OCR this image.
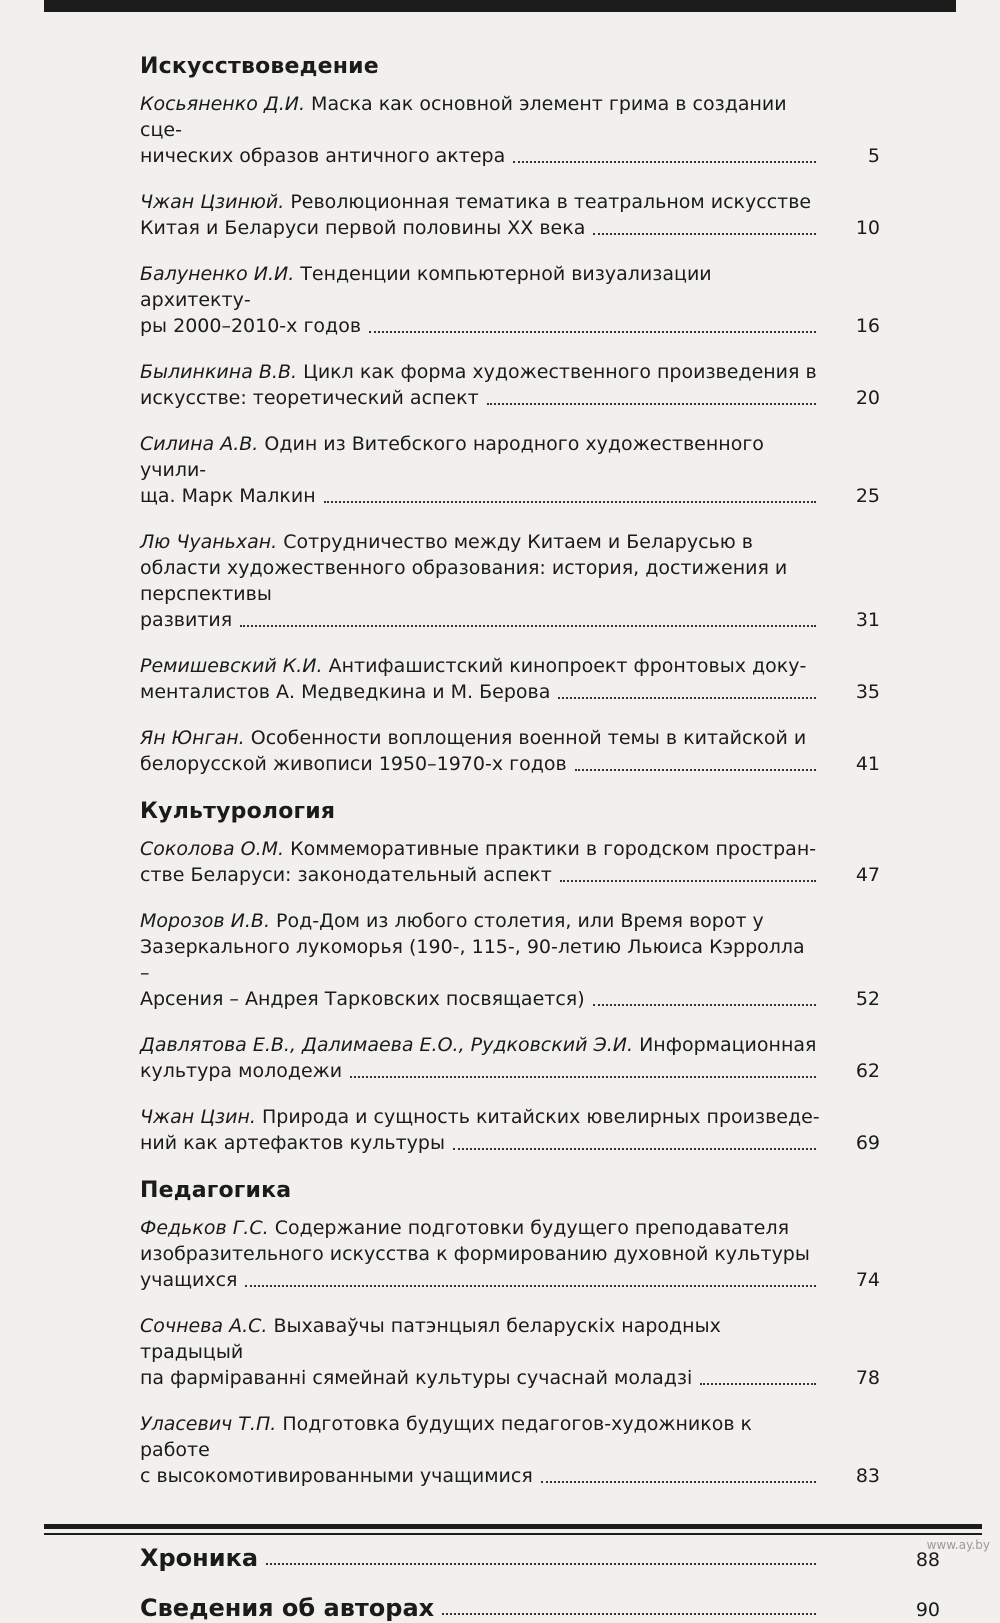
Искусствоведение
Косьяненко Д.И. Маска как основной элемент грима в создании сце-
нических образов античного актера	5
Чжан Цзинюй. Революционная тематика в театральном искусстве
Китая и Беларуси первой половины XX века	10
Балуненко И.И. Тенденции компьютерной визуализации архитекту-
ры 2000–2010-х годов	16
Былинкина В.В. Цикл как форма художественного произведения в
искусстве: теоретический аспект	20
Силина А.В. Один из Витебского народного художественного учили-
ща. Марк Малкин	25
Лю Чуаньхан. Сотрудничество между Китаем и Беларусью в области художественного образования: история, достижения и перспективы
развития	31
Ремишевский К.И. Антифашистский кинопроект фронтовых доку-
менталистов А. Медведкина и М. Берова	35
Ян Юнган. Особенности воплощения военной темы в китайской и
белорусской живописи 1950–1970-х годов	41
Культурология
Соколова О.М. Коммеморативные практики в городском простран-
стве Беларуси: законодательный аспект	47
Морозов И.В. Род-Дом из любого столетия, или Время ворот у Зазеркального лукоморья (190-, 115-, 90-летию Льюиса Кэрролла –
Арсения – Андрея Тарковских посвящается)	52
Давлятова Е.В., Далимаева Е.О., Рудковский Э.И. Информационная
культура молодежи	62
Чжан Цзин. Природа и сущность китайских ювелирных произведе-
ний как артефактов культуры	69
Педагогика
Федьков Г.С. Содержание подготовки будущего преподавателя изобразительного искусства к формированию духовной культуры
учащихся	74
Сочнева А.С. Выхаваўчы патэнцыял беларускіх народных традыцый
па фарміраванні сямейнай культуры сучаснай моладзі	78
Уласевич Т.П. Подготовка будущих педагогов-художников к работе
с высокомотивированными учащимися	83
Хроника	88
Сведения об авторах	90
www.ay.by
